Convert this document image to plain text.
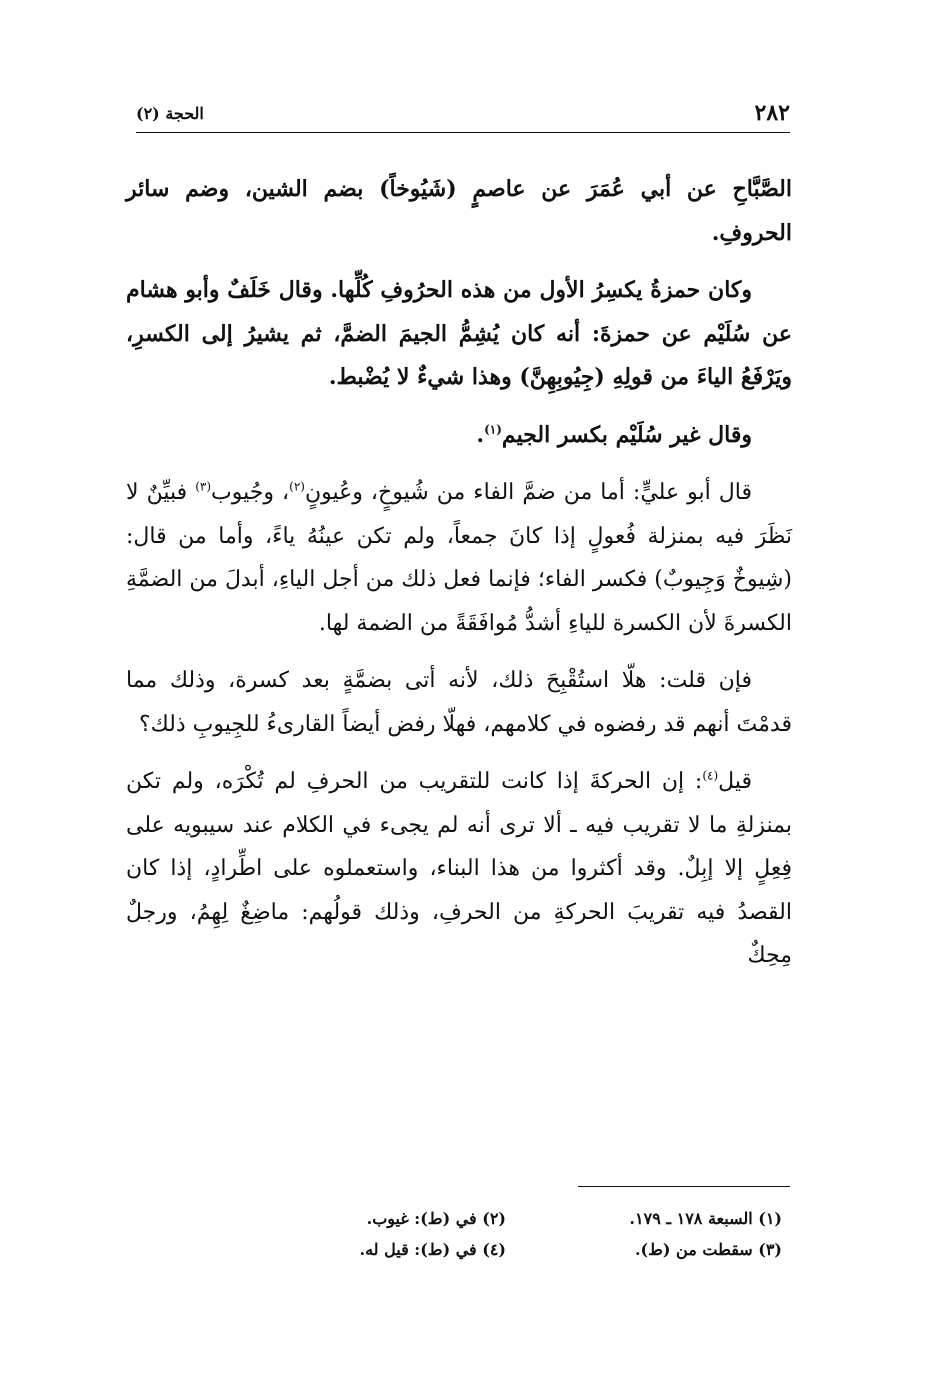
٢٨٢
الحجة (٢)

الصَّبَّاحِ عن أبي عُمَرَ عن عاصمٍ (شَيُوخاً) بضم الشين، وضم سائر الحروفِ.

وكان حمزةُ يكسِرُ الأول من هذه الحرُوفِ كُلِّها. وقال خَلَفٌ وأبو هشام عن سُلَيْم عن حمزةَ: أنه كان يُشِمُّ الجيمَ الضمَّ، ثم يشيرُ إلى الكسرِ، ويَرْفَعُ الياءَ من قولِهِ (جِيُوبِهِنَّ) وهذا شيءٌ لا يُضْبط.

وقال غير سُلَيْم بكسر الجيم$^{(١)}$.

قال أبو عليٍّ: أما من ضمَّ الفاء من شُيوخٍ، وعُيونٍ$^{(٢)}$، وجُيوب$^{(٣)}$ فبيِّنٌ لا نَظَرَ فيه بمنزلة فُعولٍ إذا كانَ جمعاً، ولم تكن عينُهُ ياءً، وأما من قال: (شِيوخٌ وَجِيوبٌ) فكسر الفاء؛ فإنما فعل ذلك من أجل الياءِ، أبدلَ من الضمَّةِ الكسرةَ لأن الكسرة للياءِ أشدُّ مُوافَقَةً من الضمة لها.

فإن قلت: هلّا استُقْبِحَ ذلك، لأنه أتى بضمَّةٍ بعد كسرة، وذلك مما قدمْتَ أنهم قد رفضوه في كلامهم، فهلّا رفض أيضاً القارىءُ للجِيوبِ ذلك؟

قيل$^{(٤)}$: إن الحركةَ إذا كانت للتقريب من الحرفِ لم تُكْرَه، ولم تكن بمنزلةِ ما لا تقريب فيه ـ ألا ترى أنه لم يجىء في الكلام عند سيبويه على فِعِلٍ إلا إبِلٌ. وقد أكثروا من هذا البناء، واستعملوه على اطِّرادٍ، إذا كان القصدُ فيه تقريبَ الحركةِ من الحرفِ، وذلك قولُهم: ماضِغٌ لِهِمُ، ورجلٌ مِحِكٌ

(١) السبعة ١٧٨ ـ ١٧٩.
(٢) في (ط): غيوب.
(٣) سقطت من (ط).
(٤) في (ط): قيل له.
